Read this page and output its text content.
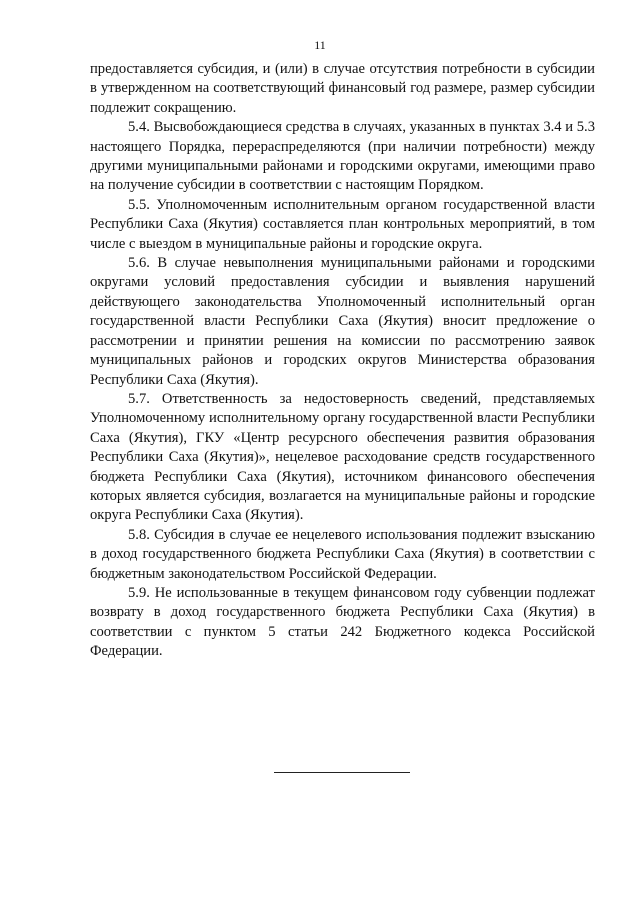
11

предоставляется субсидия, и (или) в случае отсутствия потребности в субсидии в утвержденном на соответствующий финансовый год размере, размер субсидии подлежит сокращению.

5.4. Высвобождающиеся средства в случаях, указанных в пунктах 3.4 и 5.3 настоящего Порядка, перераспределяются (при наличии потребности) между другими муниципальными районами и городскими округами, имеющими право на получение субсидии в соответствии с настоящим Порядком.

5.5. Уполномоченным исполнительным органом государственной власти Республики Саха (Якутия) составляется план контрольных мероприятий, в том числе с выездом в муниципальные районы и городские округа.

5.6. В случае невыполнения муниципальными районами и городскими округами условий предоставления субсидии и выявления нарушений действующего законодательства Уполномоченный исполнительный орган государственной власти Республики Саха (Якутия) вносит предложение о рассмотрении и принятии решения на комиссии по рассмотрению заявок муниципальных районов и городских округов Министерства образования Республики Саха (Якутия).

5.7. Ответственность за недостоверность сведений, представляемых Уполномоченному исполнительному органу государственной власти Республики Саха (Якутия), ГКУ «Центр ресурсного обеспечения развития образования Республики Саха (Якутия)», нецелевое расходование средств государственного бюджета Республики Саха (Якутия), источником финансового обеспечения которых является субсидия, возлагается на муниципальные районы и городские округа Республики Саха (Якутия).

5.8. Субсидия в случае ее нецелевого использования подлежит взысканию в доход государственного бюджета Республики Саха (Якутия) в соответствии с бюджетным законодательством Российской Федерации.

5.9. Не использованные в текущем финансовом году субвенции подлежат возврату в доход государственного бюджета Республики Саха (Якутия) в соответствии с пунктом 5 статьи 242 Бюджетного кодекса Российской Федерации.
